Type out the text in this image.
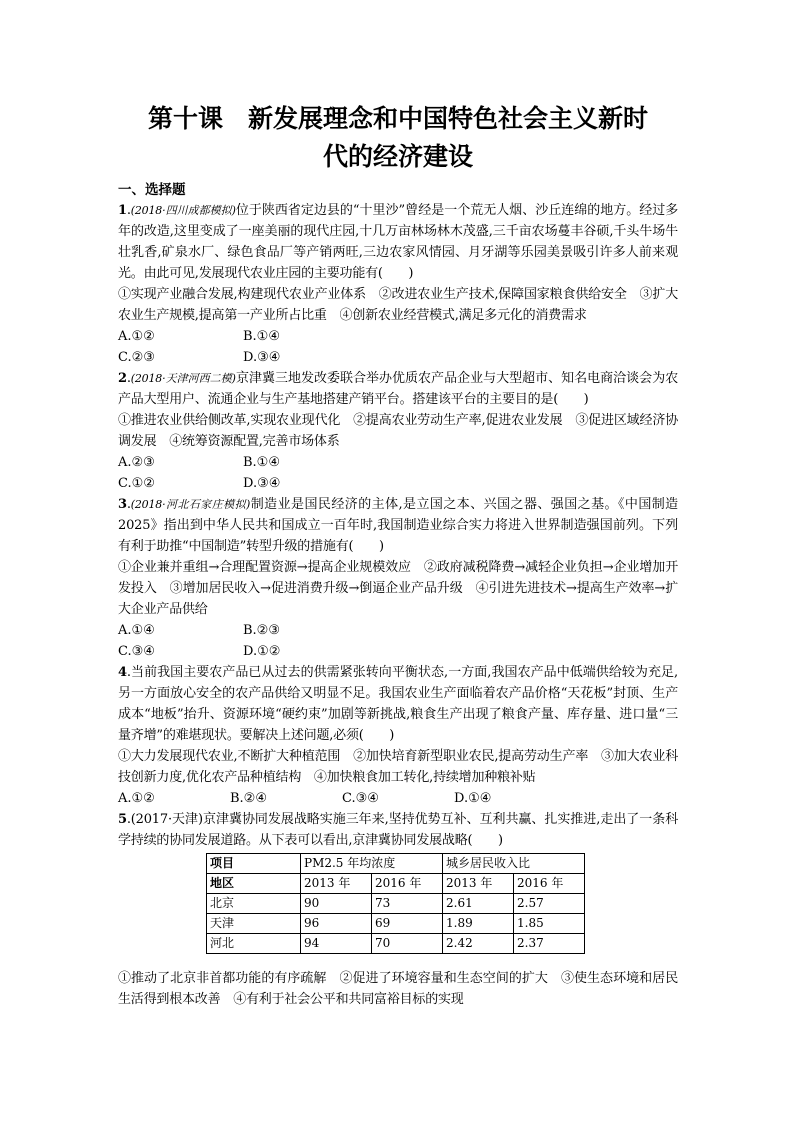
第十课　新发展理念和中国特色社会主义新时
代的经济建设
一、选择题

1.(2018·四川成都模拟)位于陕西省定边县的“十里沙”曾经是一个荒无人烟、沙丘连绵的地方。经过多年的改造,这里变成了一座美丽的现代庄园,十几万亩林场林木茂盛,三千亩农场蔓丰谷硕,千头牛场牛壮乳香,矿泉水厂、绿色食品厂等产销两旺,三边农家风情园、月牙湖等乐园美景吸引许多人前来观光。由此可见,发展现代农业庄园的主要功能有(　　)

①实现产业融合发展,构建现代农业产业体系　②改进农业生产技术,保障国家粮食供给安全　③扩大农业生产规模,提高第一产业所占比重　④创新农业经营模式,满足多元化的消费需求

A.①②	B.①④
C.②③	D.③④

2.(2018·天津河西二模)京津冀三地发改委联合举办优质农产品企业与大型超市、知名电商洽谈会为农产品大型用户、流通企业与生产基地搭建产销平台。搭建该平台的主要目的是(　　)

①推进农业供给侧改革,实现农业现代化　②提高农业劳动生产率,促进农业发展　③促进区域经济协调发展　④统筹资源配置,完善市场体系

A.②③	B.①④
C.①②	D.③④

3.(2018·河北石家庄模拟)制造业是国民经济的主体,是立国之本、兴国之器、强国之基。《中国制造 2025》指出到中华人民共和国成立一百年时,我国制造业综合实力将进入世界制造强国前列。下列有利于助推“中国制造”转型升级的措施有(　　)

①企业兼并重组→合理配置资源→提高企业规模效应　②政府减税降费→减轻企业负担→企业增加开发投入　③增加居民收入→促进消费升级→倒逼企业产品升级　④引进先进技术→提高生产效率→扩大企业产品供给

A.①④	B.②③
C.③④	D.①②

4.当前我国主要农产品已从过去的供需紧张转向平衡状态,一方面,我国农产品中低端供给较为充足,另一方面放心安全的农产品供给又明显不足。我国农业生产面临着农产品价格“天花板”封顶、生产成本“地板”抬升、资源环境“硬约束”加剧等新挑战,粮食生产出现了粮食产量、库存量、进口量“三量齐增”的难堪现状。要解决上述问题,必须(　　)

①大力发展现代农业,不断扩大种植范围　②加快培育新型职业农民,提高劳动生产率　③加大农业科技创新力度,优化农产品种植结构　④加快粮食加工转化,持续增加种粮补贴

A.①②	B.②④	C.③④	D.①④

5.(2017·天津)京津冀协同发展战略实施三年来,坚持优势互补、互利共赢、扎实推进,走出了一条科学持续的协同发展道路。从下表可以看出,京津冀协同发展战略(　　)

项目	PM2.5 年均浓度		城乡居民收入比	
地区	2013 年	2016 年	2013 年	2016 年
北京	90	73	2.61	2.57
天津	96	69	1.89	1.85
河北	94	70	2.42	2.37

①推动了北京非首都功能的有序疏解　②促进了环境容量和生态空间的扩大　③使生态环境和居民生活得到根本改善　④有利于社会公平和共同富裕目标的实现
